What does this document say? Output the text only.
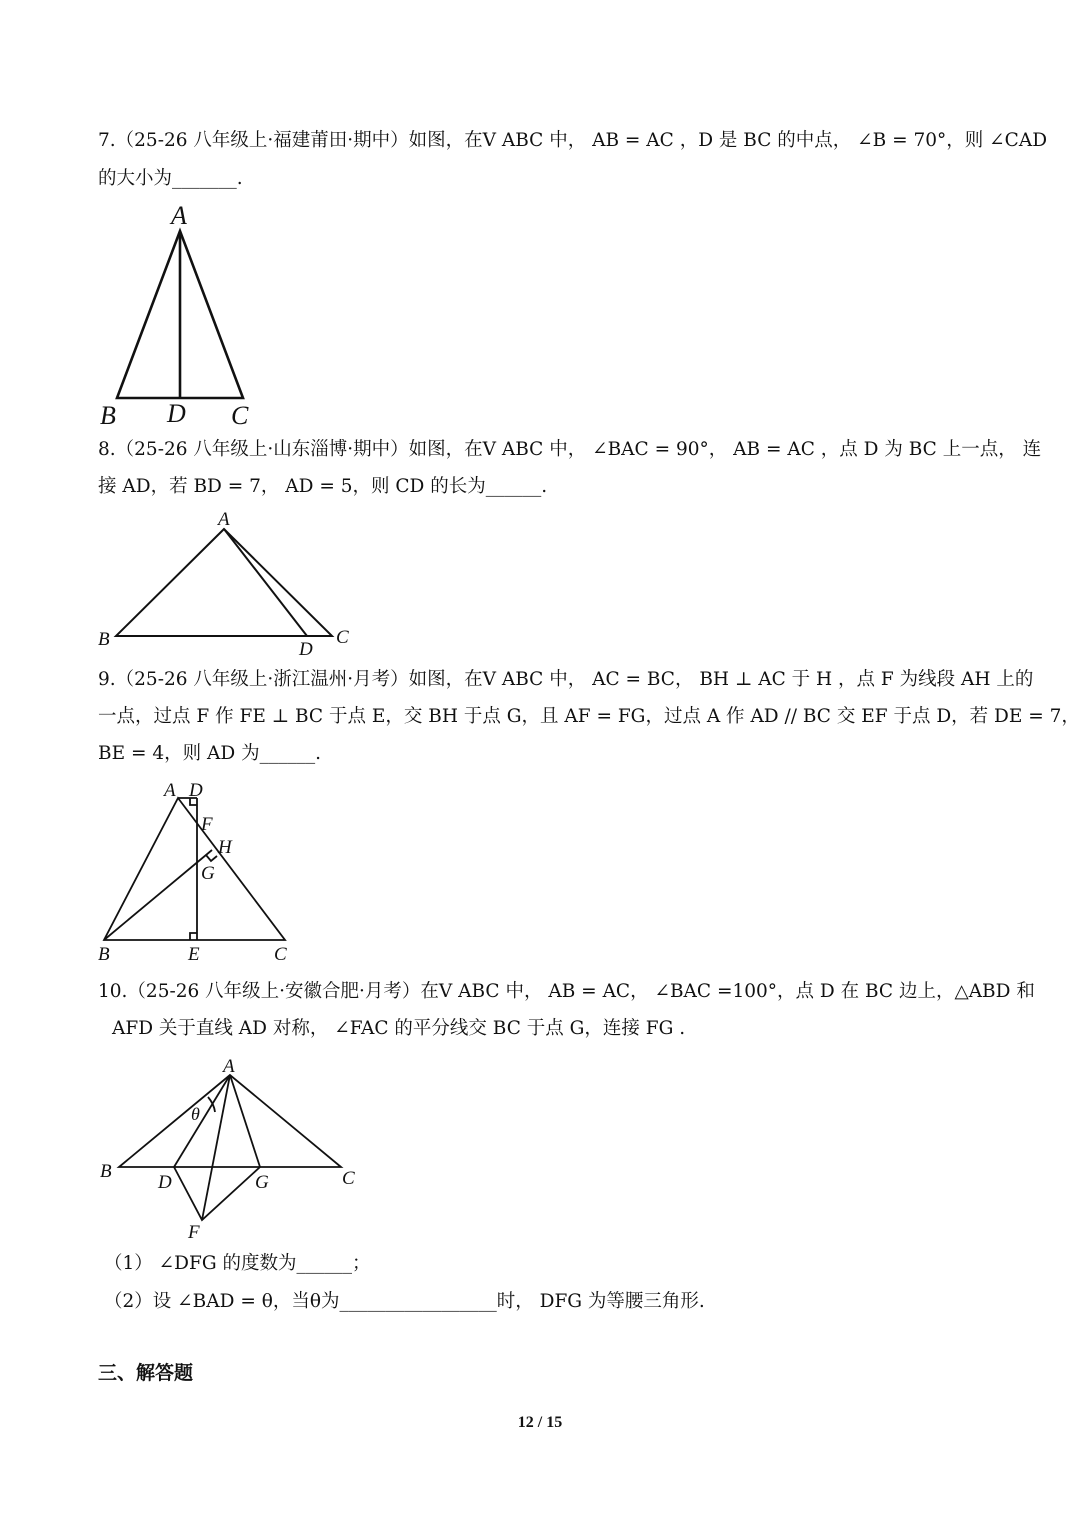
7.（25-26 八年级上·福建莆田·期中）如图，在V ABC 中， AB = AC ，D 是 BC 的中点， ∠B = 70°，则 ∠CAD
的大小为_______.
A
B D C
8.（25-26 八年级上·山东淄博·期中）如图，在V ABC 中， ∠BAC = 90°， AB = AC ，点 D 为 BC 上一点， 连
接 AD，若 BD = 7， AD = 5，则 CD 的长为______.
A
B	D
C
9.（25-26 八年级上·浙江温州·月考）如图，在V ABC 中， AC = BC， BH ⊥ AC 于 H ，点 F 为线段 AH 上的
一点，过点 F 作 FE ⊥ BC 于点 E，交 BH 于点 G，且 AF = FG，过点 A 作 AD // BC 交 EF 于点 D，若 DE = 7，
BE = 4，则 AD 为______.
A D
F
H
G
B	E	C
10.（25-26 八年级上·安徽合肥·月考）在V ABC 中， AB = AC， ∠BAC =100°，点 D 在 BC 边上，△ABD 和
AFD 关于直线 AD 对称， ∠FAC 的平分线交 BC 于点 G，连接 FG .
A
θ
B
D	G	C
F
（1） ∠DFG 的度数为______；
（2）设 ∠BAD = θ，当θ为_________________时， DFG 为等腰三角形.
三、解答题
12 / 15
